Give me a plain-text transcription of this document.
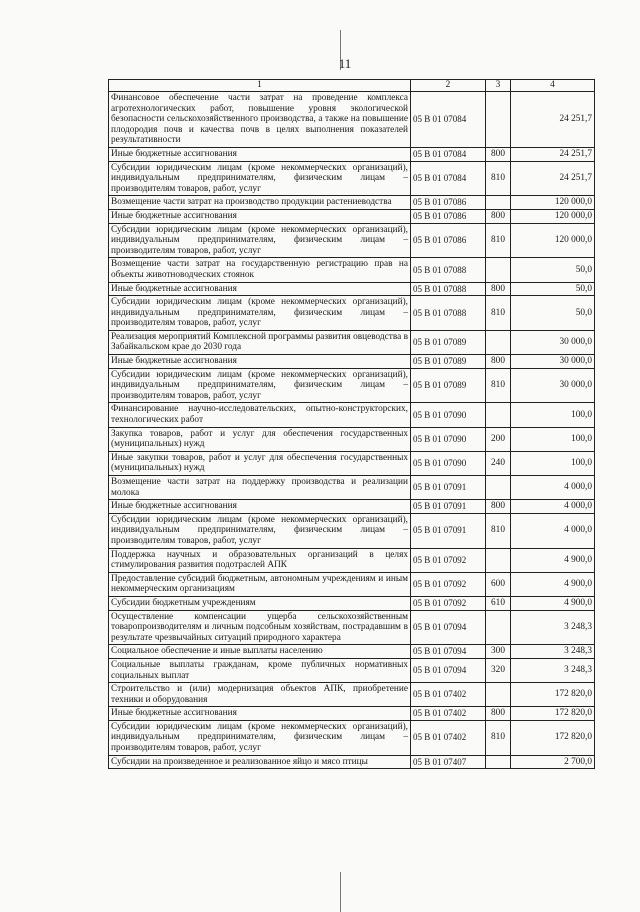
11
1	2	3	4
Финансовое обеспечение части затрат на проведение комплекса агротехнологических работ, повышение уровня экологической безопасности сельскохозяйственного производства, а также на повышение плодородия почв и качества почв в целях выполнения показателей результативности	05 В 01 07084		24 251,7
Иные бюджетные ассигнования	05 В 01 07084	800	24 251,7
Субсидии юридическим лицам (кроме некоммерческих организаций), индивидуальным предпринимателям, физическим лицам – производителям товаров, работ, услуг	05 В 01 07084	810	24 251,7
Возмещение части затрат на производство продукции растениеводства	05 В 01 07086		120 000,0
Иные бюджетные ассигнования	05 В 01 07086	800	120 000,0
Субсидии юридическим лицам (кроме некоммерческих организаций), индивидуальным предпринимателям, физическим лицам – производителям товаров, работ, услуг	05 В 01 07086	810	120 000,0
Возмещение части затрат на государственную регистрацию прав на объекты животноводческих стоянок	05 В 01 07088		50,0
Иные бюджетные ассигнования	05 В 01 07088	800	50,0
Субсидии юридическим лицам (кроме некоммерческих организаций), индивидуальным предпринимателям, физическим лицам – производителям товаров, работ, услуг	05 В 01 07088	810	50,0
Реализация мероприятий Комплексной программы развития овцеводства в Забайкальском крае до 2030 года	05 В 01 07089		30 000,0
Иные бюджетные ассигнования	05 В 01 07089	800	30 000,0
Субсидии юридическим лицам (кроме некоммерческих организаций), индивидуальным предпринимателям, физическим лицам – производителям товаров, работ, услуг	05 В 01 07089	810	30 000,0
Финансирование научно-исследовательских, опытно-конструкторских, технологических работ	05 В 01 07090		100,0
Закупка товаров, работ и услуг для обеспечения государственных (муниципальных) нужд	05 В 01 07090	200	100,0
Иные закупки товаров, работ и услуг для обеспечения государственных (муниципальных) нужд	05 В 01 07090	240	100,0
Возмещение части затрат на поддержку производства и реализации молока	05 В 01 07091		4 000,0
Иные бюджетные ассигнования	05 В 01 07091	800	4 000,0
Субсидии юридическим лицам (кроме некоммерческих организаций), индивидуальным предпринимателям, физическим лицам – производителям товаров, работ, услуг	05 В 01 07091	810	4 000,0
Поддержка научных и образовательных организаций в целях стимулирования развития подотраслей АПК	05 В 01 07092		4 900,0
Предоставление субсидий бюджетным, автономным учреждениям и иным некоммерческим организациям	05 В 01 07092	600	4 900,0
Субсидии бюджетным учреждениям	05 В 01 07092	610	4 900,0
Осуществление компенсации ущерба сельскохозяйственным товаропроизводителям и личным подсобным хозяйствам, пострадавшим в результате чрезвычайных ситуаций природного характера	05 В 01 07094		3 248,3
Социальное обеспечение и иные выплаты населению	05 В 01 07094	300	3 248,3
Социальные выплаты гражданам, кроме публичных нормативных социальных выплат	05 В 01 07094	320	3 248,3
Строительство и (или) модернизация объектов АПК, приобретение техники и оборудования	05 В 01 07402		172 820,0
Иные бюджетные ассигнования	05 В 01 07402	800	172 820,0
Субсидии юридическим лицам (кроме некоммерческих организаций), индивидуальным предпринимателям, физическим лицам – производителям товаров, работ, услуг	05 В 01 07402	810	172 820,0
Субсидии на произведенное и реализованное яйцо и мясо птицы	05 В 01 07407		2 700,0
